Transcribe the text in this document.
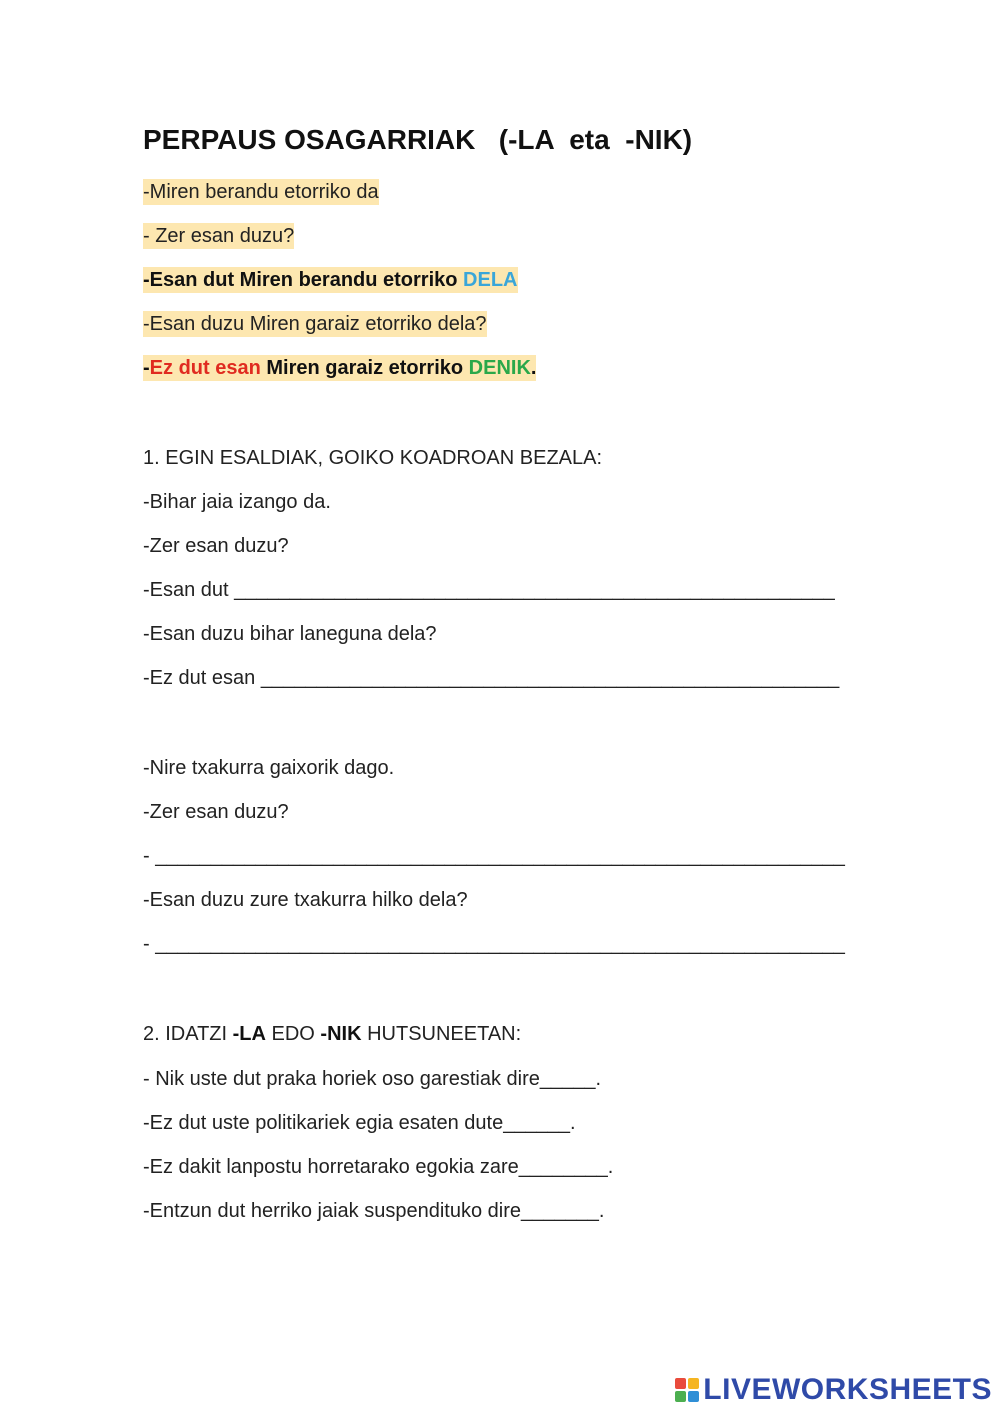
PERPAUS OSAGARRIAK   (-LA  eta  -NIK)
-Miren berandu etorriko da
- Zer esan duzu?
-Esan dut Miren berandu etorriko DELA
-Esan duzu Miren garaiz etorriko dela?
-Ez dut esan Miren garaiz etorriko DENIK.
1. EGIN ESALDIAK, GOIKO KOADROAN BEZALA:
-Bihar jaia izango da.
-Zer esan duzu?
-Esan dut ______________________________________________________
-Esan duzu bihar laneguna dela?
-Ez dut esan ____________________________________________________
-Nire txakurra gaixorik dago.
-Zer esan duzu?
- ______________________________________________________________
-Esan duzu zure txakurra hilko dela?
- ______________________________________________________________
2. IDATZI -LA EDO -NIK HUTSUNEETAN:
- Nik uste dut praka horiek oso garestiak dire_____.
-Ez dut uste politikariek egia esaten dute______.
-Ez dakit lanpostu horretarako egokia zare________.
-Entzun dut herriko jaiak suspendituko dire_______.
LIVEWORKSHEETS
